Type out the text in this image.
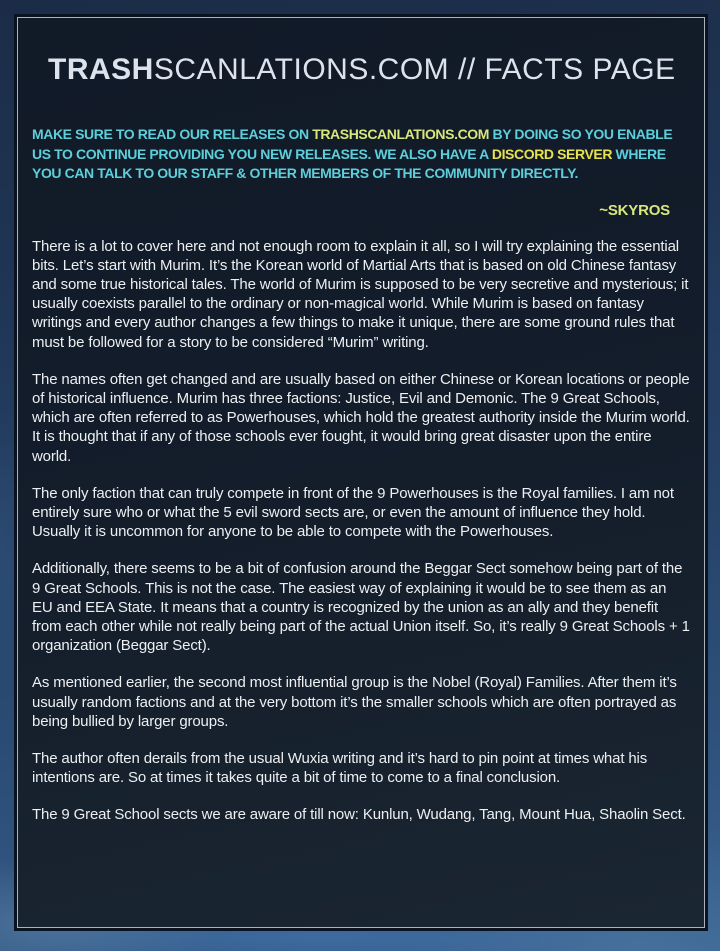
TRASHSCANLATIONS.COM // FACTS PAGE

MAKE SURE TO READ OUR RELEASES ON TRASHSCANLATIONS.COM BY DOING SO YOU ENABLE US TO CONTINUE PROVIDING YOU NEW RELEASES. WE ALSO HAVE A DISCORD SERVER WHERE YOU CAN TALK TO OUR STAFF & OTHER MEMBERS OF THE COMMUNITY DIRECTLY.

~SKYROS

There is a lot to cover here and not enough room to explain it all, so I will try explaining the essential bits. Let’s start with Murim. It’s the Korean world of Martial Arts that is based on old Chinese fantasy and some true historical tales. The world of Murim is supposed to be very secretive and mysterious; it usually coexists parallel to the ordinary or non-magical world. While Murim is based on fantasy writings and every author changes a few things to make it unique, there are some ground rules that must be followed for a story to be considered “Murim” writing.

The names often get changed and are usually based on either Chinese or Korean locations or people of historical influence. Murim has three factions: Justice, Evil and Demonic. The 9 Great Schools, which are often referred to as Powerhouses, which hold the greatest authority inside the Murim world. It is thought that if any of those schools ever fought, it would bring great disaster upon the entire world.

The only faction that can truly compete in front of the 9 Powerhouses is the Royal families. I am not entirely sure who or what the 5 evil sword sects are, or even the amount of influence they hold. Usually it is uncommon for anyone to be able to compete with the Powerhouses.

Additionally, there seems to be a bit of confusion around the Beggar Sect somehow being part of the 9 Great Schools. This is not the case. The easiest way of explaining it would be to see them as an EU and EEA State. It means that a country is recognized by the union as an ally and they benefit from each other while not really being part of the actual Union itself. So, it’s really 9 Great Schools + 1 organization (Beggar Sect).

As mentioned earlier, the second most influential group is the Nobel (Royal) Families. After them it’s usually random factions and at the very bottom it’s the smaller schools which are often portrayed as being bullied by larger groups.

The author often derails from the usual Wuxia writing and it’s hard to pin point at times what his intentions are. So at times it takes quite a bit of time to come to a final conclusion.

The 9 Great School sects we are aware of till now: Kunlun, Wudang, Tang, Mount Hua, Shaolin Sect.
